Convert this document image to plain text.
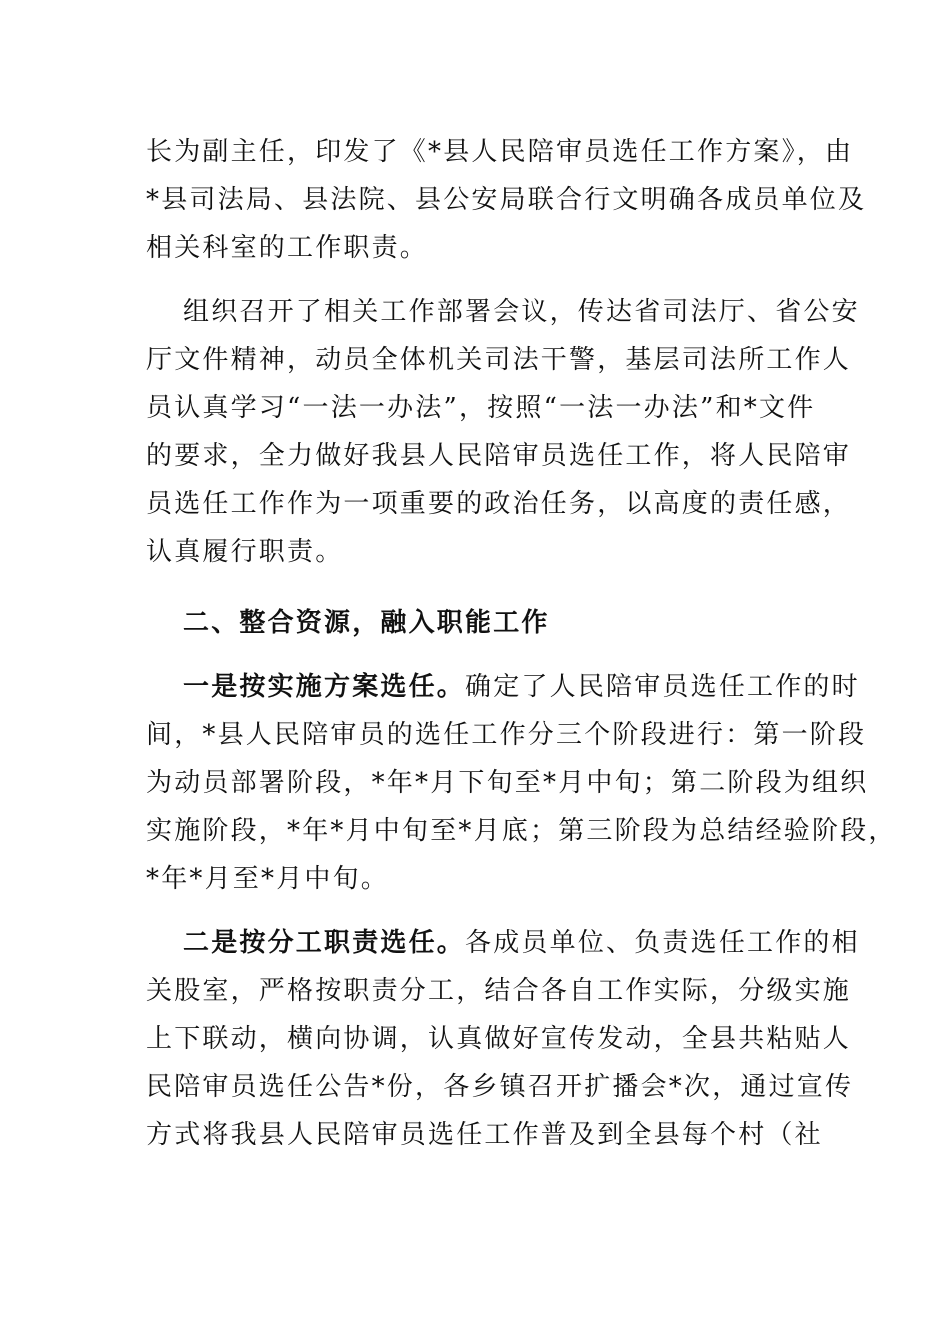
长为副主任，印发了《*县人民陪审员选任工作方案》，由
*县司法局、县法院、县公安局联合行文明确各成员单位及
相关科室的工作职责。
组织召开了相关工作部署会议，传达省司法厅、省公安
厅文件精神，动员全体机关司法干警，基层司法所工作人
员认真学习“一法一办法”，按照“一法一办法”和*文件
的要求，全力做好我县人民陪审员选任工作，将人民陪审
员选任工作作为一项重要的政治任务，以高度的责任感，
认真履行职责。
二、整合资源，融入职能工作
一是按实施方案选任。确定了人民陪审员选任工作的时
间，*县人民陪审员的选任工作分三个阶段进行：第一阶段
为动员部署阶段，*年*月下旬至*月中旬；第二阶段为组织
实施阶段，*年*月中旬至*月底；第三阶段为总结经验阶段，
*年*月至*月中旬。
二是按分工职责选任。各成员单位、负责选任工作的相
关股室，严格按职责分工，结合各自工作实际，分级实施
上下联动，横向协调，认真做好宣传发动，全县共粘贴人
民陪审员选任公告*份，各乡镇召开扩播会*次，通过宣传
方式将我县人民陪审员选任工作普及到全县每个村（社
